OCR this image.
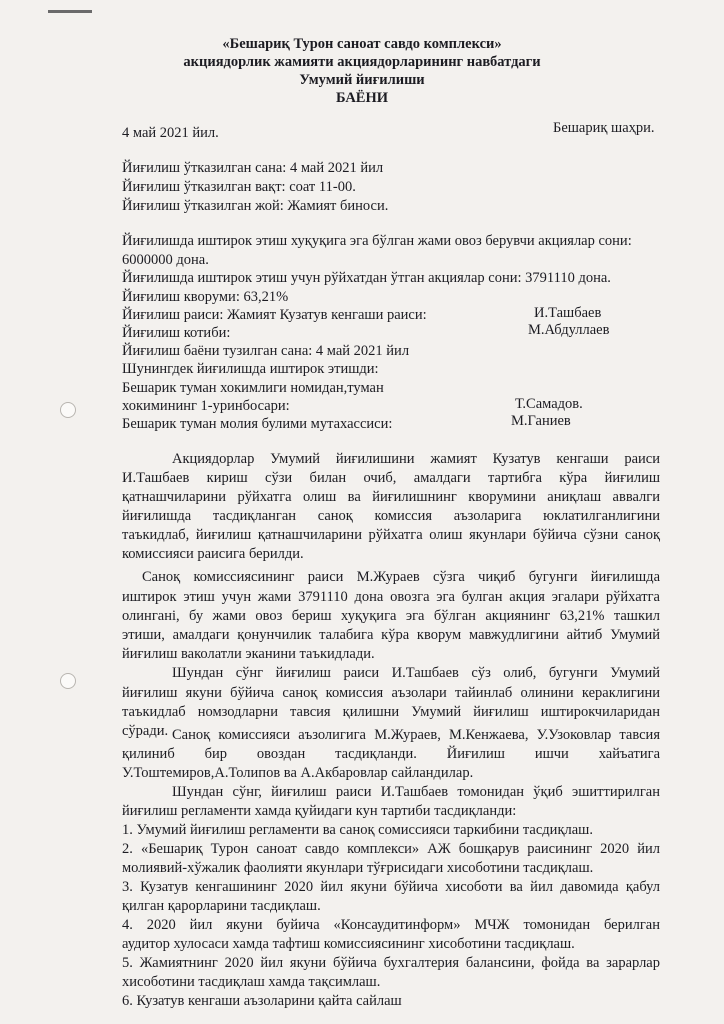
«Бешариқ Турон саноат савдо комплекси»
акциядорлик жамияти акциядорларининг навбатдаги
Умумий йиғилиши
БАЁНИ
4 май 2021 йил.	Бешариқ шаҳри.
Йиғилиш ўтказилган сана: 4 май 2021 йил
Йиғилиш ўтказилган вақт: соат 11-00.
Йиғилиш ўтказилган жой: Жамият биноси.
Йиғилишда иштирок этиш хуқуқига эга бўлган жами овоз берувчи акциялар сони:
6000000 дона.
Йиғилишда иштирок этиш учун рўйхатдан ўтган акциялар сони: 3791110 дона.
Йиғилиш кворуми: 63,21%
Йиғилиш раиси: Жамият Кузатув кенгаши раиси:	И.Ташбаев
Йиғилиш котиби:	М.Абдуллаев
Йиғилиш баёни тузилган сана: 4 май 2021 йил
Шунингдек йиғилишда иштирок этишди:
Бешарик туман хокимлиги номидан,туман
хокимининг 1-уринбосари:	Т.Самадов.
Бешарик туман молия булими мутахассиси:	М.Ганиев
Акциядорлар Умумий йиғилишини жамият Кузатув кенгаши раиси
И.Ташбаев кириш сўзи билан очиб, амалдаги тартибга кўра йиғилиш
қатнашчиларини рўйхатга олиш ва йиғилишнинг кворумини аниқлаш аввалги
йиғилишда тасдиқланган саноқ комиссия аъзоларига юклатилганлигини
таъкидлаб, йиғилиш қатнашчиларини рўйхатга олиш якунлари бўйича сўзни саноқ
комиссияси раисига берилди.
Саноқ комиссиясининг раиси М.Жураев сўзга чиқиб бугунги йиғилишда
иштирок этиш учун жами 3791110 дона овозга эга булган акция эгалари рўйхатга
олинганi, бу жами овоз бериш хуқуқига эга бўлган акциянинг 63,21% ташкил
этиши, амалдаги қонунчилик талабига кўра кворум мавжудлигини айтиб Умумий
йиғилиш ваколатли эканини таъкидлади.
Шундан сўнг йиғилиш раиси И.Ташбаев сўз олиб, бугунги Умумий
йиғилиш якуни бўйича саноқ комиссия аъзолари тайинлаб олинини кераклигини
таъкидлаб номзодларни тавсия қилишни Умумий йиғилиш иштирокчиларидан
сўради. Саноқ комиссияси аъзолигига М.Жураев, М.Кенжаева, У.Узоковлар тавсия
қилиниб бир овоздан тасдиқланди. Йиғилиш ишчи хайъатига
У.Тоштемиров,А.Толипов ва А.Акбаровлар сайландилар.
Шундан сўнг, йиғилиш раиси И.Ташбаев томонидан ўқиб эшиттирилган
йиғилиш регламенти хамда қуйидаги кун тартиби тасдиқланди:
1. Умумий йиғилиш регламенти ва саноқ сомиссияси таркибини тасдиқлаш.
2. «Бешариқ Турон саноат савдо комплекси» АЖ бошқарув раисининг 2020 йил
молиявий-хўжалик фаолияти якунлари тўғрисидаги хисоботини тасдиқлаш.
3. Кузатув кенгашининг 2020 йил якуни бўйича хисоботи ва йил давомида қабул
қилган қарорларини тасдиқлаш.
4. 2020 йил якуни буйича «Консаудитинформ» МЧЖ томонидан берилган
аудитор хулосаси хамда тафтиш комиссиясининг хисоботини тасдиқлаш.
5. Жамиятнинг 2020 йил якуни бўйича бухгалтерия балансини, фойда ва зарарлар
хисоботини тасдиқлаш хамда тақсимлаш.
6. Кузатув кенгаши аъзоларини қайта сайлаш
